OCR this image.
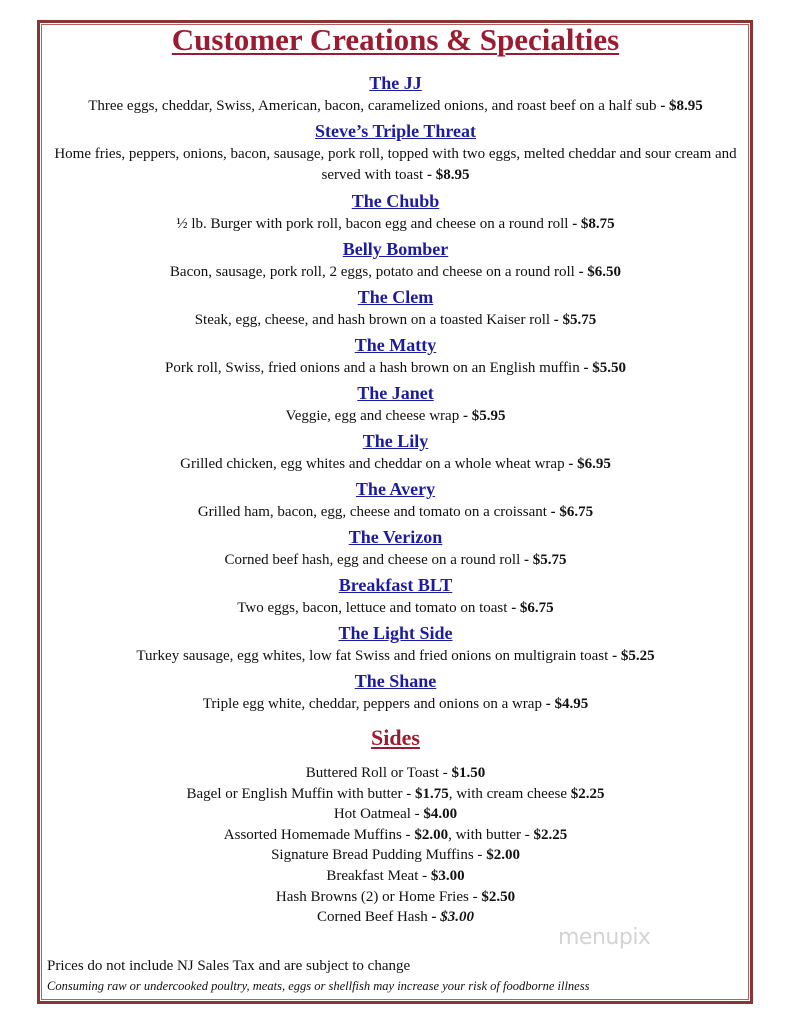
Customer Creations & Specialties
The JJ
Three eggs, cheddar, Swiss, American, bacon, caramelized onions, and roast beef on a half sub - $8.95
Steve’s Triple Threat
Home fries, peppers, onions, bacon, sausage, pork roll, topped with two eggs, melted cheddar and sour cream and served with toast - $8.95
The Chubb
½ lb. Burger with pork roll, bacon egg and cheese on a round roll - $8.75
Belly Bomber
Bacon, sausage, pork roll, 2 eggs, potato and cheese on a round roll - $6.50
The Clem
Steak, egg, cheese, and hash brown on a toasted Kaiser roll - $5.75
The Matty
Pork roll, Swiss, fried onions and a hash brown on an English muffin - $5.50
The Janet
Veggie, egg and cheese wrap - $5.95
The Lily
Grilled chicken, egg whites and cheddar on a whole wheat wrap - $6.95
The Avery
Grilled ham, bacon, egg, cheese and tomato on a croissant - $6.75
The Verizon
Corned beef hash, egg and cheese on a round roll - $5.75
Breakfast BLT
Two eggs, bacon, lettuce and tomato on toast - $6.75
The Light Side
Turkey sausage, egg whites, low fat Swiss and fried onions on multigrain toast - $5.25
The Shane
Triple egg white, cheddar, peppers and onions on a wrap - $4.95
Sides
Buttered Roll or Toast - $1.50
Bagel or English Muffin with butter - $1.75, with cream cheese $2.25
Hot Oatmeal - $4.00
Assorted Homemade Muffins - $2.00, with butter - $2.25
Signature Bread Pudding Muffins - $2.00
Breakfast Meat - $3.00
Hash Browns (2) or Home Fries - $2.50
Corned Beef Hash - $3.00
menupix
Prices do not include NJ Sales Tax and are subject to change
Consuming raw or undercooked poultry, meats, eggs or shellfish may increase your risk of foodborne illness
